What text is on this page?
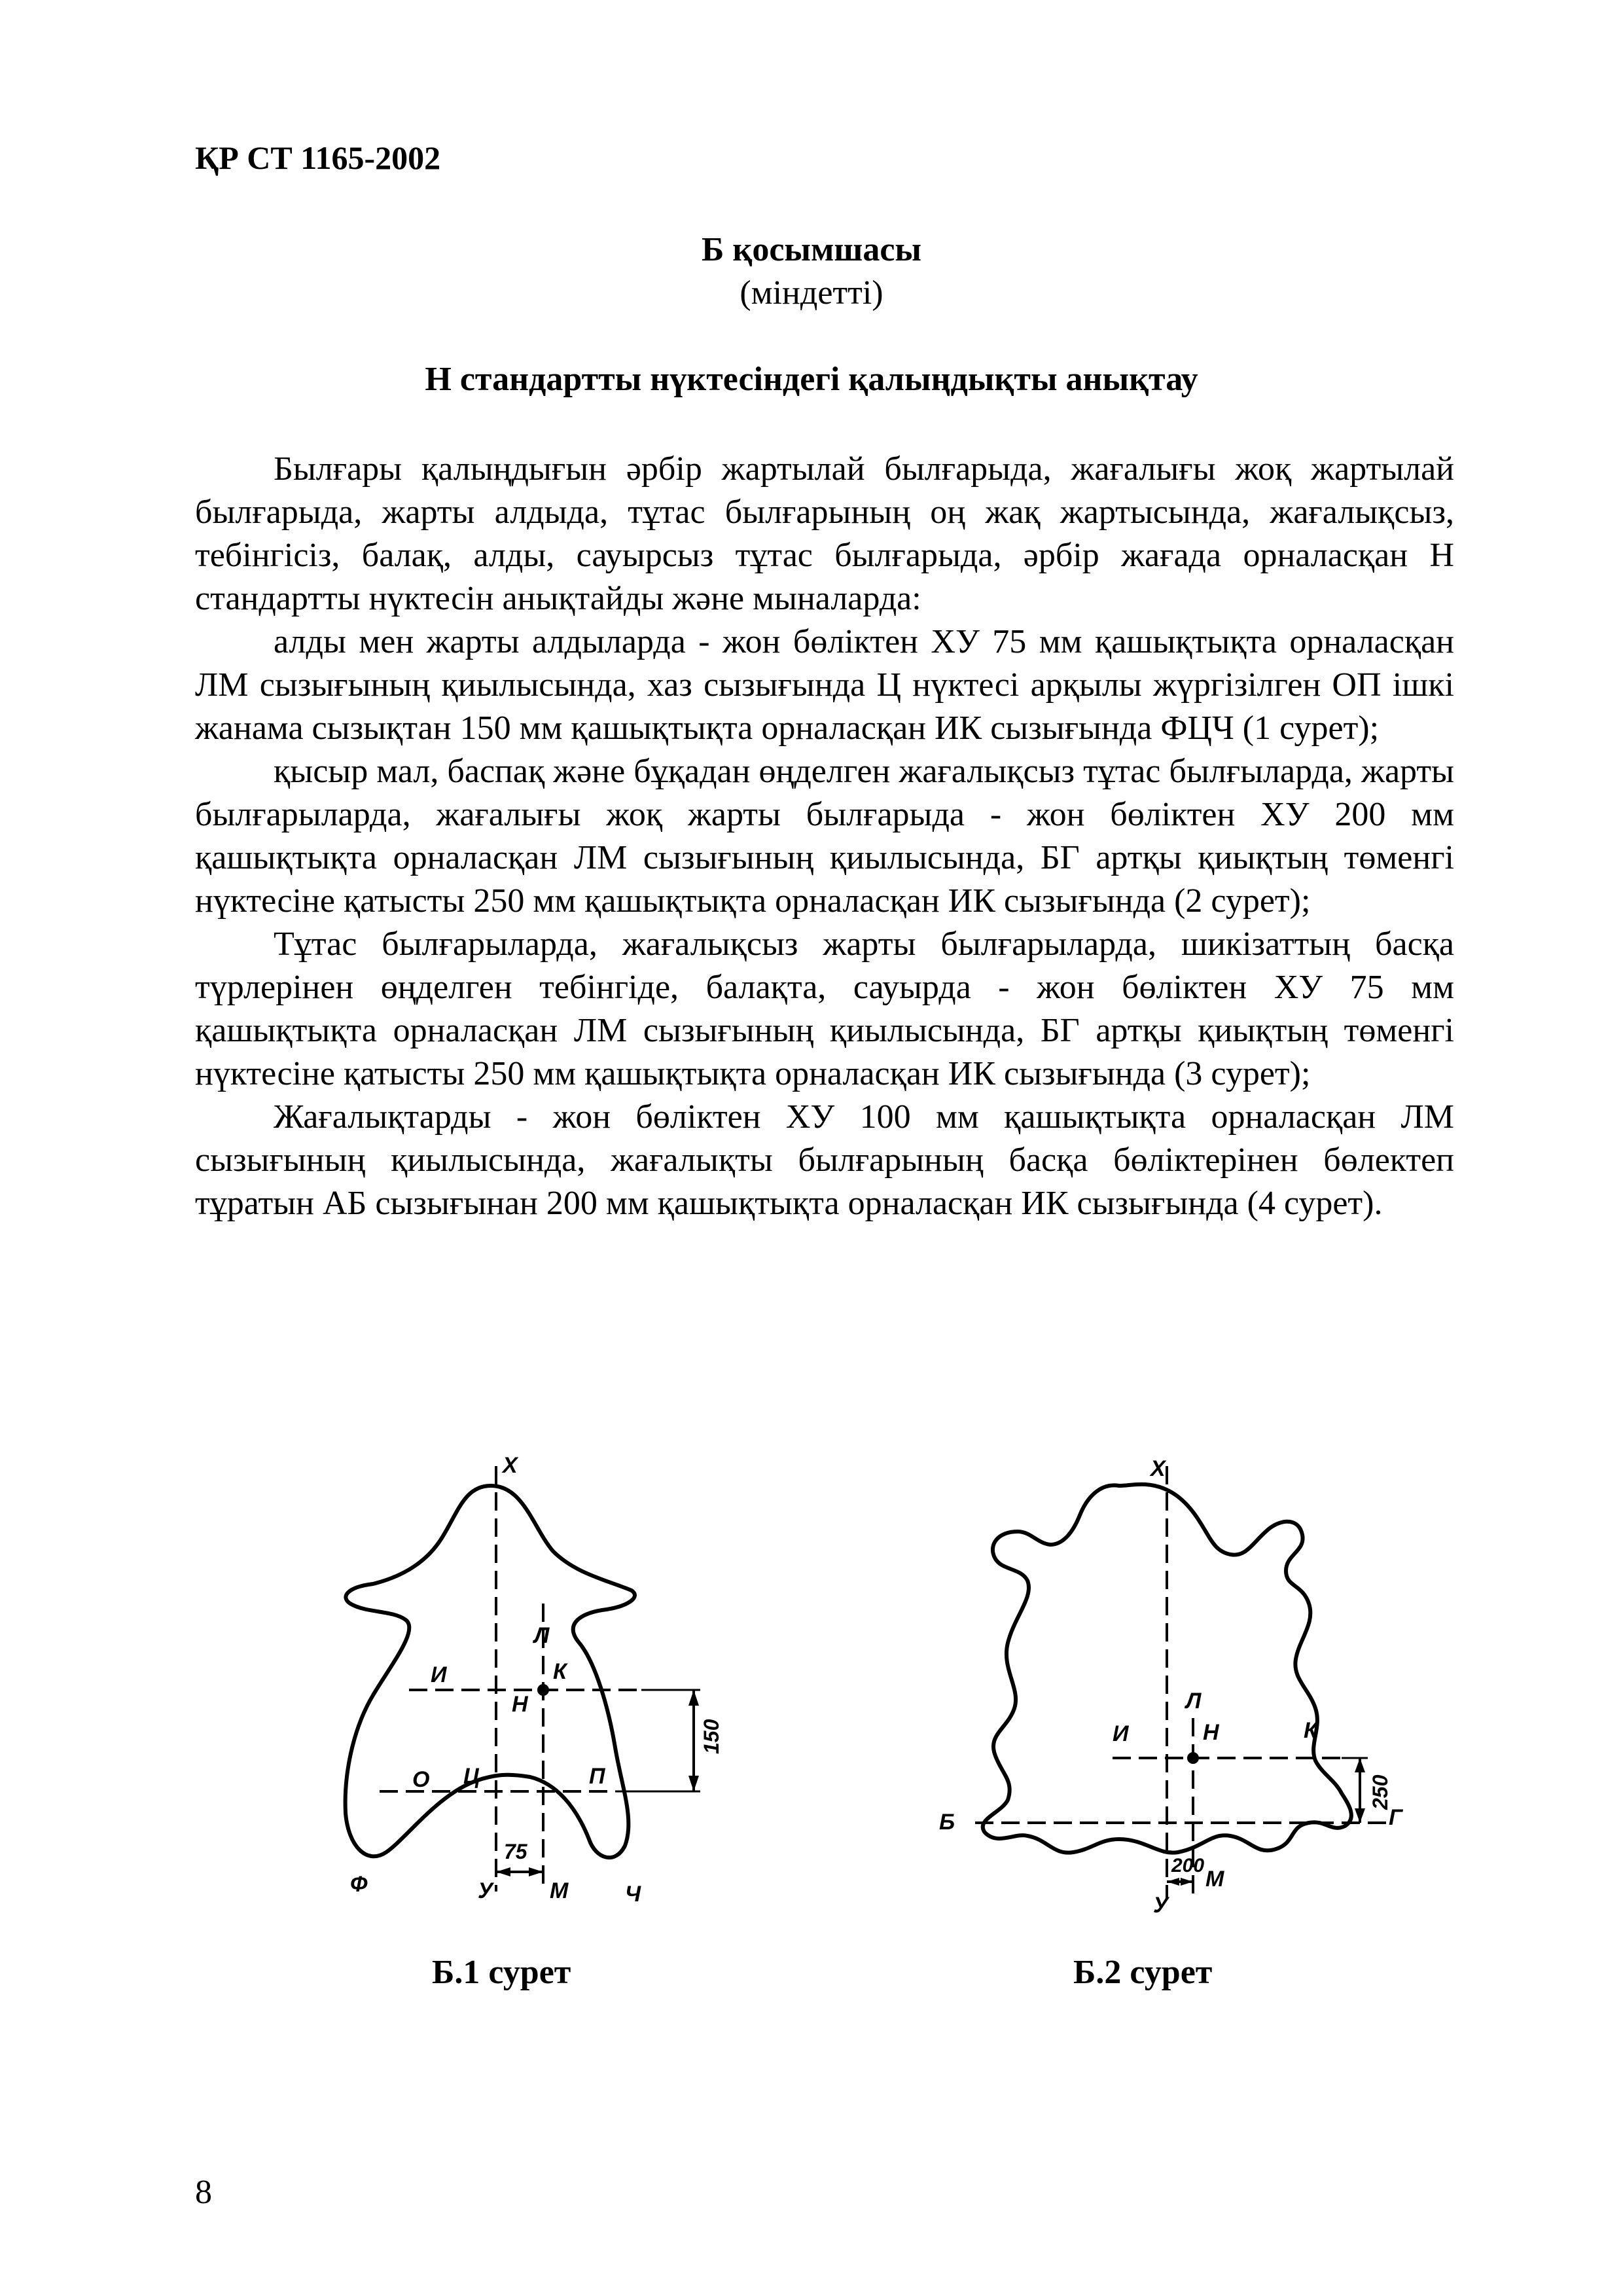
ҚР СТ 1165-2002
Б қосымшасы
(міндетті)
Н стандартты нүктесіндегі қалыңдықты анықтау

Былғары қалыңдығын әрбір жартылай былғарыда, жағалығы жоқ жартылай былғарыда, жарты алдыда, тұтас былғарының оң жақ жартысында, жағалықсыз, тебінгісіз, балақ, алды, сауырсыз тұтас былғарыда, әрбір жағада орналасқан Н стандартты нүктесін анықтайды және мыналарда:

алды мен жарты алдыларда - жон бөліктен ХУ 75 мм қашықтықта орналасқан ЛМ сызығының қиылысында, хаз сызығында Ц нүктесі арқылы жүргізілген ОП ішкі жанама сызықтан 150 мм қашықтықта орналасқан ИК сызығында ФЦЧ (1 сурет);

қысыр мал, баспақ және бұқадан өңделген жағалықсыз тұтас былғыларда, жарты былғарыларда, жағалығы жоқ жарты былғарыда - жон бөліктен ХУ 200 мм қашықтықта орналасқан ЛМ сызығының қиылысында, БГ артқы қиықтың төменгі нүктесіне қатысты 250 мм қашықтықта орналасқан ИК сызығында (2 сурет);

Тұтас былғарыларда, жағалықсыз жарты былғарыларда, шикізаттың басқа түрлерінен өңделген тебінгіде, балақта, сауырда - жон бөліктен ХУ 75 мм қашықтықта орналасқан ЛМ сызығының қиылысында, БГ артқы қиықтың төменгі нүктесіне қатысты 250 мм қашықтықта орналасқан ИК сызығында (3 сурет);

Жағалықтарды - жон бөліктен ХУ 100 мм қашықтықта орналасқан ЛМ сызығының қиылысында, жағалықты былғарының басқа бөліктерінен бөлектеп тұратын АБ сызығынан 200 мм қашықтықта орналасқан ИК сызығында (4 сурет).

Х
Л
И	К
Н
О Ц	П
150
75
Ф	У	М	Ч
Х
Л
И	Н	К
250
Б	Г
200
У
М
Б.1 сурет	Б.2 сурет
8
